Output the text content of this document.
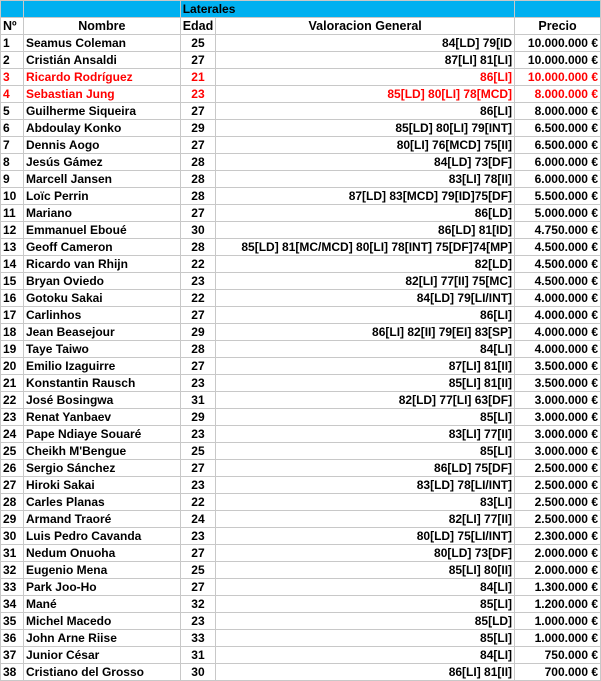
		Laterales		
Nº	Nombre	Edad	Valoracion General	Precio
1	Seamus Coleman	25	84[LD] 79[ID	10.000.000 €
2	Cristián Ansaldi	27	87[LI] 81[LI]	10.000.000 €
3	Ricardo Rodríguez	21	86[LI]	10.000.000 €
4	Sebastian Jung	23	85[LD] 80[LI] 78[MCD]	8.000.000 €
5	Guilherme Siqueira	27	86[LI]	8.000.000 €
6	Abdoulay Konko	29	85[LD] 80[LI] 79[INT]	6.500.000 €
7	Dennis Aogo	27	80[LI] 76[MCD] 75[II]	6.500.000 €
8	Jesús Gámez	28	84[LD] 73[DF]	6.000.000 €
9	Marcell Jansen	28	83[LI] 78[II]	6.000.000 €
10	Loïc Perrin	28	87[LD] 83[MCD] 79[ID]75[DF]	5.500.000 €
11	Mariano	27	86[LD]	5.000.000 €
12	Emmanuel Eboué	30	86[LD] 81[ID]	4.750.000 €
13	Geoff Cameron	28	85[LD] 81[MC/MCD] 80[LI] 78[INT] 75[DF]74[MP]	4.500.000 €
14	Ricardo van Rhijn	22	82[LD]	4.500.000 €
15	Bryan Oviedo	23	82[LI] 77[II] 75[MC]	4.500.000 €
16	Gotoku Sakai	22	84[LD] 79[LI/INT]	4.000.000 €
17	Carlinhos	27	86[LI]	4.000.000 €
18	Jean Beasejour	29	86[LI] 82[II] 79[EI] 83[SP]	4.000.000 €
19	Taye Taiwo	28	84[LI]	4.000.000 €
20	Emilio Izaguirre	27	87[LI] 81[II]	3.500.000 €
21	Konstantin Rausch	23	85[LI] 81[II]	3.500.000 €
22	José Bosingwa	31	82[LD] 77[LI] 63[DF]	3.000.000 €
23	Renat Yanbaev	29	85[LI]	3.000.000 €
24	Pape Ndiaye Souaré	23	83[LI] 77[II]	3.000.000 €
25	Cheikh M'Bengue	25	85[LI]	3.000.000 €
26	Sergio Sánchez	27	86[LD] 75[DF]	2.500.000 €
27	Hiroki Sakai	23	83[LD] 78[LI/INT]	2.500.000 €
28	Carles Planas	22	83[LI]	2.500.000 €
29	Armand Traoré	24	82[LI] 77[II]	2.500.000 €
30	Luis Pedro Cavanda	23	80[LD] 75[LI/INT]	2.300.000 €
31	Nedum Onuoha	27	80[LD] 73[DF]	2.000.000 €
32	Eugenio Mena	25	85[LI] 80[II]	2.000.000 €
33	Park Joo-Ho	27	84[LI]	1.300.000 €
34	Mané	32	85[LI]	1.200.000 €
35	Michel Macedo	23	85[LD]	1.000.000 €
36	John Arne Riise	33	85[LI]	1.000.000 €
37	Junior César	31	84[LI]	750.000 €
38	Cristiano del Grosso	30	86[LI] 81[II]	700.000 €
